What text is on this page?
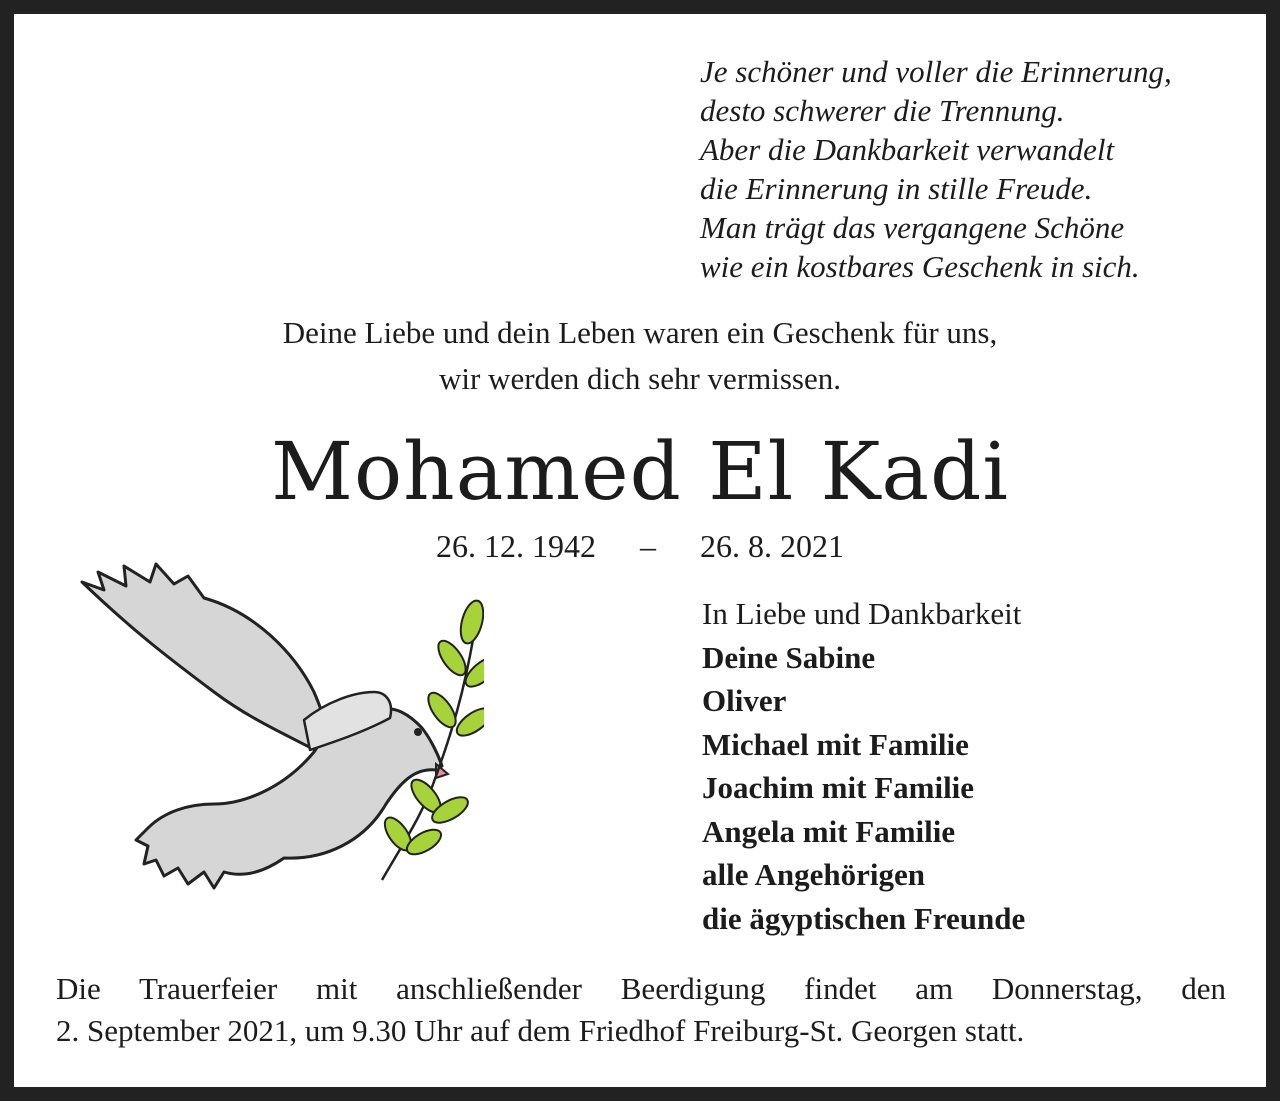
Je schöner und voller die Erinnerung,
desto schwerer die Trennung.
Aber die Dankbarkeit verwandelt
die Erinnerung in stille Freude.
Man trägt das vergangene Schöne
wie ein kostbares Geschenk in sich.
Deine Liebe und dein Leben waren ein Geschenk für uns,
wir werden dich sehr vermissen.
Mohamed El Kadi
26. 12. 1942 – 26. 8. 2021
In Liebe und Dankbarkeit
Deine Sabine
Oliver
Michael mit Familie
Joachim mit Familie
Angela mit Familie
alle Angehörigen
die ägyptischen Freunde
Die Trauerfeier mit anschließender Beerdigung findet am Donnerstag, den
2. September 2021, um 9.30 Uhr auf dem Friedhof Freiburg-St. Georgen statt.
